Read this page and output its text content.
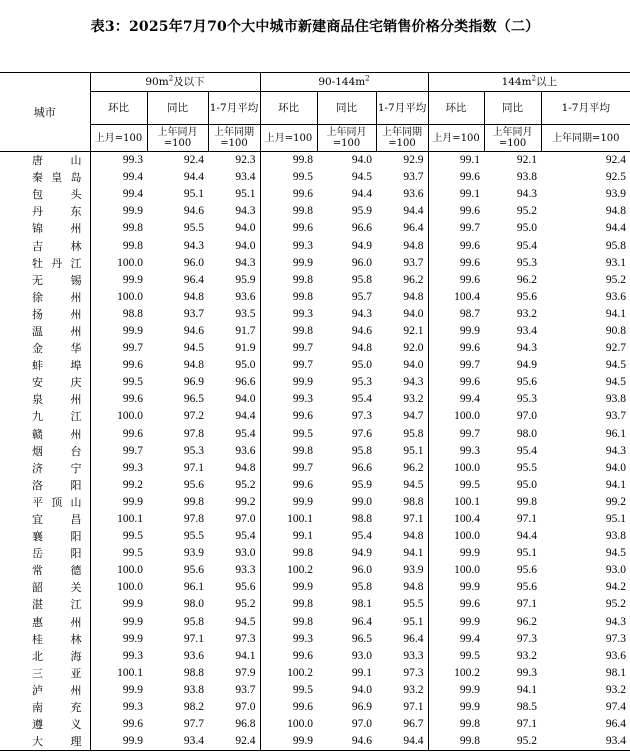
表3：2025年7月70个大中城市新建商品住宅销售价格分类指数（二）
城市	$90m^2$及以下			$90-144m^2$			$144m^2$以上		
	环比	同比	1-7月平均	环比	同比	1-7月平均	环比	同比	1-7月平均
	上月=100	上年同月=100	上年同期=100	上月=100	上年同月=100	上年同期=100	上月=100	上年同月=100	上年同期=100
唐山	99.3	92.4	92.3	99.8	94.0	92.9	99.1	92.1	92.4
秦皇岛	99.4	94.4	93.4	99.5	94.5	93.7	99.6	93.8	92.5
包头	99.4	95.1	95.1	99.6	94.4	93.6	99.1	94.3	93.9
丹东	99.9	94.6	94.3	99.8	95.9	94.4	99.6	95.2	94.8
锦州	99.8	95.5	94.0	99.6	96.6	96.4	99.7	95.0	94.4
吉林	99.8	94.3	94.0	99.3	94.9	94.8	99.6	95.4	95.8
牡丹江	100.0	96.0	94.3	99.9	96.0	93.7	99.6	95.3	93.1
无锡	99.9	96.4	95.9	99.8	95.8	96.2	99.6	96.2	95.2
徐州	100.0	94.8	93.6	99.8	95.7	94.8	100.4	95.6	93.6
扬州	98.8	93.7	93.5	99.3	94.3	94.0	98.7	93.2	94.1
温州	99.9	94.6	91.7	99.8	94.6	92.1	99.9	93.4	90.8
金华	99.7	94.5	91.9	99.7	94.8	92.0	99.6	94.3	92.7
蚌埠	99.6	94.8	95.0	99.7	95.0	94.0	99.7	94.9	94.5
安庆	99.5	96.9	96.6	99.9	95.3	94.3	99.6	95.6	94.5
泉州	99.6	96.5	94.0	99.3	95.4	93.2	99.4	95.3	93.8
九江	100.0	97.2	94.4	99.6	97.3	94.7	100.0	97.0	93.7
赣州	99.6	97.8	95.4	99.5	97.6	95.8	99.7	98.0	96.1
烟台	99.7	95.3	93.6	99.8	95.8	95.1	99.3	95.4	94.3
济宁	99.3	97.1	94.8	99.7	96.6	96.2	100.0	95.5	94.0
洛阳	99.2	95.6	95.2	99.6	95.9	94.5	99.5	95.0	94.1
平顶山	99.9	99.8	99.2	99.9	99.0	98.8	100.1	99.8	99.2
宜昌	100.1	97.8	97.0	100.1	98.8	97.1	100.4	97.1	95.1
襄阳	99.5	95.5	95.4	99.1	95.4	94.8	100.0	94.4	93.8
岳阳	99.5	93.9	93.0	99.8	94.9	94.1	99.9	95.1	94.5
常德	100.0	95.6	93.3	100.2	96.0	93.9	100.0	95.6	93.0
韶关	100.0	96.1	95.6	99.9	95.8	94.8	99.9	95.6	94.2
湛江	99.9	98.0	95.2	99.8	98.1	95.5	99.6	97.1	95.2
惠州	99.9	95.8	94.5	99.8	96.4	95.1	99.9	96.2	94.3
桂林	99.9	97.1	97.3	99.3	96.5	96.4	99.4	97.3	97.3
北海	99.3	93.6	94.1	99.6	93.0	93.3	99.5	93.2	93.6
三亚	100.1	98.8	97.9	100.2	99.1	97.3	100.2	99.3	98.1
泸州	99.9	93.8	93.7	99.5	94.0	93.2	99.9	94.1	93.2
南充	99.3	98.2	97.0	99.6	96.9	97.1	99.9	98.5	97.4
遵义	99.6	97.7	96.8	100.0	97.0	96.7	99.8	97.1	96.4
大理	99.9	93.4	92.4	99.9	94.6	94.4	99.8	95.2	93.4
